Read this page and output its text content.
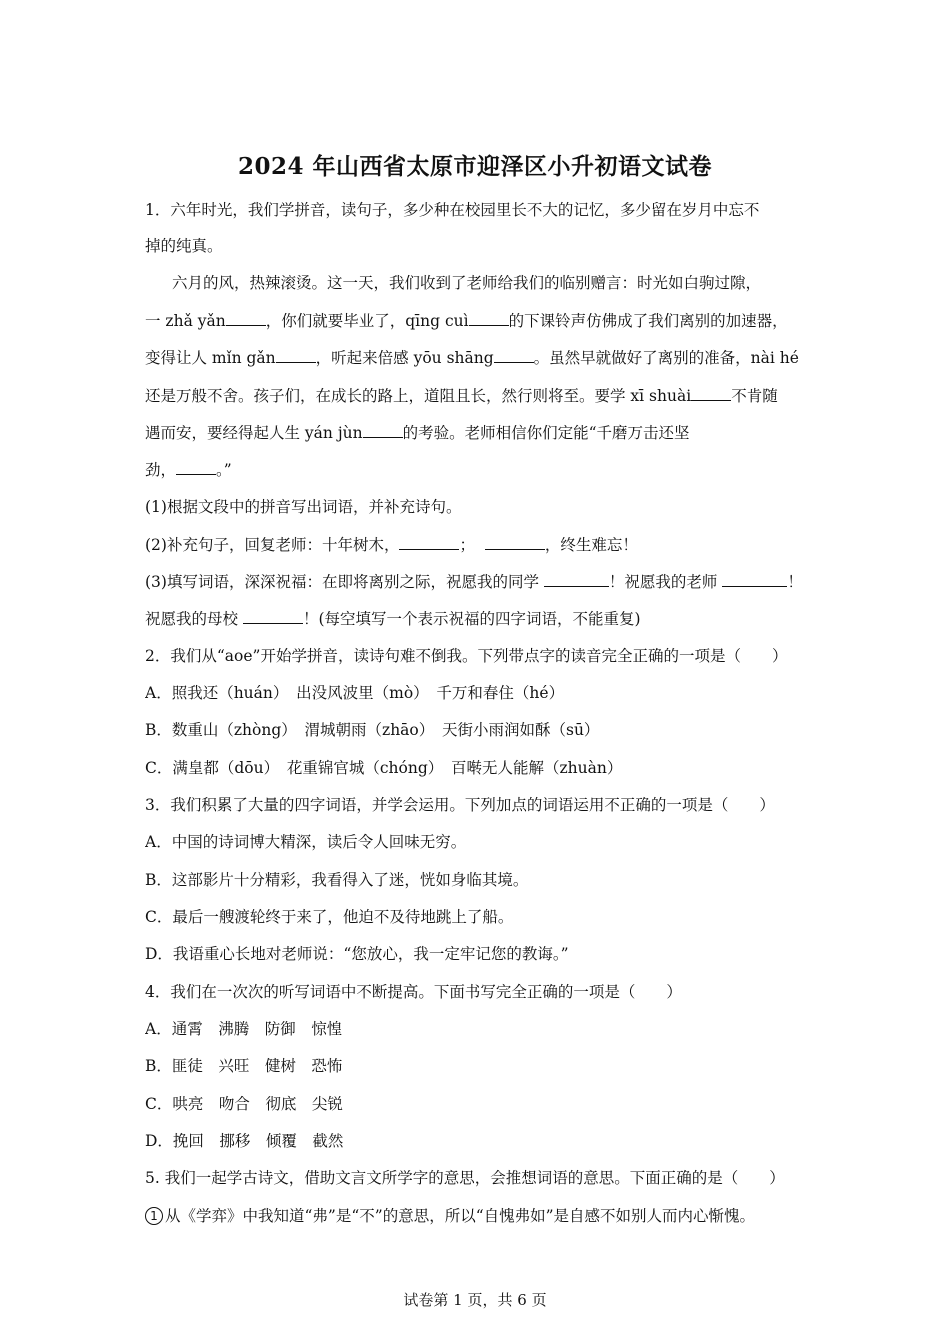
2024 年山西省太原市迎泽区小升初语文试卷
1．六年时光，我们学拼音，读句子，多少种在校园里长不大的记忆，多少留在岁月中忘不
掉的纯真。
六月的风，热辣滚烫。这一天，我们收到了老师给我们的临别赠言：时光如白驹过隙，
一 zhǎ yǎn	，你们就要毕业了，qīng cuì	的下课铃声仿佛成了我们离别的加速器，
变得让人 mǐn gǎn	，听起来倍感 yōu shāng	。虽然早就做好了离别的准备，nài hé
还是万般不舍。孩子们，在成长的路上，道阻且长，然行则将至。要学 xī shuài	不肯随
遇而安，要经得起人生 yán jùn	的考验。老师相信你们定能“千磨万击还坚
劲，	。”
(1)根据文段中的拼音写出词语，并补充诗句。
(2)补充句子，回复老师：十年树木，	；	，终生难忘！
(3)填写词语，深深祝福：在即将离别之际，祝愿我的同学	！祝愿我的老师	！
祝愿我的母校	！(每空填写一个表示祝福的四字词语，不能重复)
2．我们从“aoe”开始学拼音，读诗句难不倒我。下列带点字的读音完全正确的一项是（　　）
A．照我还（huán）　出没风波里（mò）　千万和春住（hé）
B．数重山（zhòng）　渭城朝雨（zhāo）　天街小雨润如酥（sū）
C．满皇都（dōu）　花重锦官城（chóng）　百啭无人能解（zhuàn）
3．我们积累了大量的四字词语，并学会运用。下列加点的词语运用不正确的一项是（　　）
A．中国的诗词博大精深，读后令人回味无穷。
B．这部影片十分精彩，我看得入了迷，恍如身临其境。
C．最后一艘渡轮终于来了，他迫不及待地跳上了船。
D．我语重心长地对老师说：“您放心，我一定牢记您的教诲。”
4．我们在一次次的听写词语中不断提高。下面书写完全正确的一项是（　　）
A．通霄　沸腾　防御　惊惶
B．匪徒　兴旺　健树　恐怖
C．哄亮　吻合　彻底　尖锐
D．挽回　挪移　倾覆　截然
5. 我们一起学古诗文，借助文言文所学字的意思，会推想词语的意思。下面正确的是（　　）
1 从《学弈》中我知道“弗”是“不”的意思，所以“自愧弗如”是自感不如别人而内心惭愧。
试卷第 1 页，共 6 页
